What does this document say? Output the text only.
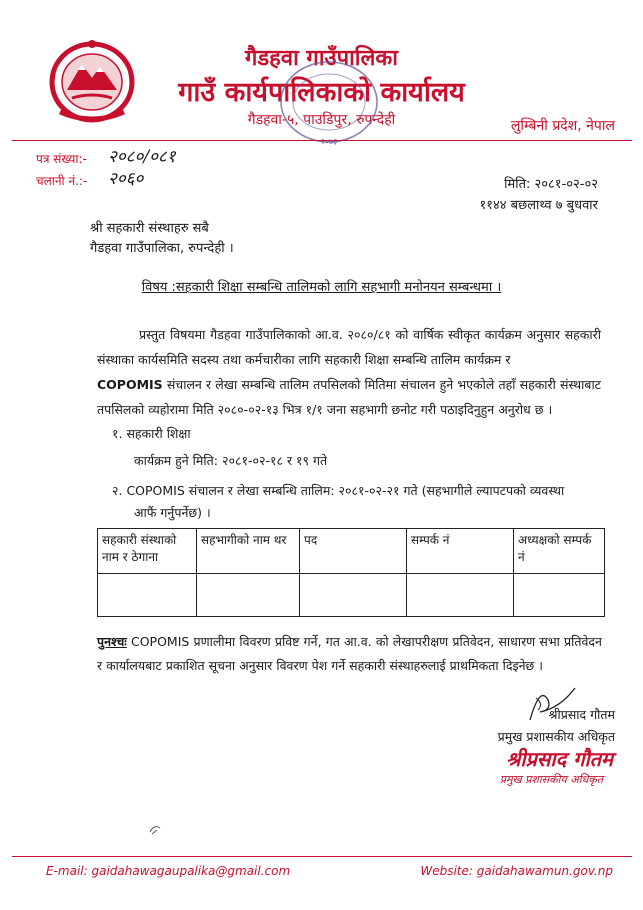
गैडहवा गाउँपालिका
गाउँ कार्यपालिकाको कार्यालय
गैडहवा-५, पाउडिपुर, रुपन्देही	लुम्बिनी प्रदेश, नेपाल
२०७३
पत्र संख्या:- २०८०/०८१
चलानी नं.:- २०६०	मिति: २०८१-०२-०२
११४४ बछलाथ्व ७ बुधवार
श्री सहकारी संस्थाहरु सबै
गैडहवा गाउँपालिका, रुपन्देही ।
विषय :सहकारी शिक्षा सम्बन्धि तालिमको लागि सहभागी मनोनयन सम्बन्धमा ।
प्रस्तुत विषयमा गैडहवा गाउँपालिकाको आ.व. २०८०/८१ को वार्षिक स्वीकृत कार्यक्रम अनुसार सहकारी संस्थाका कार्यसमिति सदस्य तथा कर्मचारीका लागि सहकारी शिक्षा सम्बन्धि तालिम कार्यक्रम र
COPOMIS संचालन र लेखा सम्बन्धि तालिम तपसिलको मितिमा संचालन हुने भएकोले तहाँ सहकारी संस्थाबाट तपसिलको व्यहोरामा मिति २०८०-०२-१३ भित्र १/१ जना सहभागी छनोट गरी पठाइदिनुहुन अनुरोध छ ।
१. सहकारी शिक्षा
कार्यक्रम हुने मिति: २०८१-०२-१८ र १९ गते
२. COPOMIS संचालन र लेखा सम्बन्धि तालिम: २०८१-०२-२१ गते (सहभागीले ल्यापटपको व्यवस्था
आफैं गर्नुपर्नेछ) ।
सहकारी संस्थाको नाम र ठेगाना	सहभागीको नाम थर	पद	सम्पर्क नं	अध्यक्षको सम्पर्क नं

पुनश्चः COPOMIS प्रणालीमा विवरण प्रविष्ट गर्ने, गत आ.व. को लेखापरीक्षण प्रतिवेदन, साधारण सभा प्रतिवेदन र कार्यालयबाट प्रकाशित सूचना अनुसार विवरण पेश गर्ने सहकारी संस्थाहरुलाई प्राथमिकता दिइनेछ ।
श्रीप्रसाद गौतम
प्रमुख प्रशासकीय अधिकृत
श्रीप्रसाद गौतम
प्रमुख प्रशासकीय अधिकृत
E-mail: gaidahawagaupalika@gmail.com	Website: gaidahawamun.gov.np
